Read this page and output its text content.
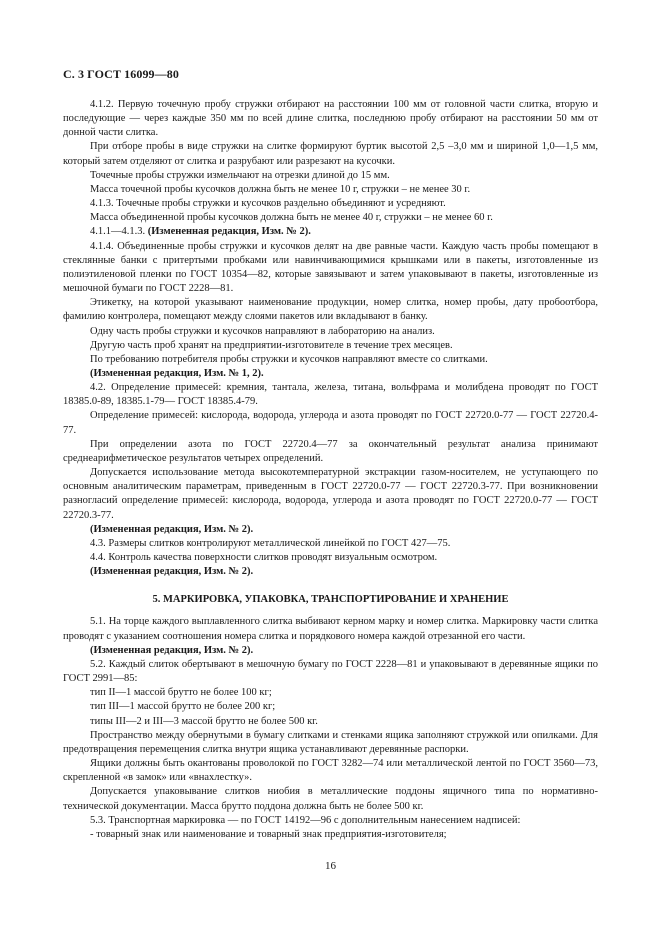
С. 3 ГОСТ 16099—80

4.1.2. Первую точечную пробу стружки отбирают на расстоянии 100 мм от головной части слитка, вторую и последующие — через каждые 350 мм по всей длине слитка, последнюю пробу отбирают на расстоянии 50 мм от донной части слитка.

При отборе пробы в виде стружки на слитке формируют буртик высотой 2,5 –3,0 мм и шириной 1,0—1,5 мм, который затем отделяют от слитка и разрубают или разрезают на кусочки.

Точечные пробы стружки измельчают на отрезки длиной до 15 мм.

Масса точечной пробы кусочков должна быть не менее 10 г, стружки – не менее 30 г.

4.1.3. Точечные пробы стружки и кусочков раздельно объединяют и усредняют.

Масса объединенной пробы кусочков должна быть не менее 40 г, стружки – не менее 60 г.

4.1.1—4.1.3. (Измененная редакция, Изм. № 2).

4.1.4. Объединенные пробы стружки и кусочков делят на две равные части. Каждую часть пробы помещают в стеклянные банки с притертыми пробками или навинчивающимися крышками или в пакеты, изготовленные из полиэтиленовой пленки по ГОСТ 10354—82, которые завязывают и затем упаковывают в пакеты, изготовленные из мешочной бумаги по ГОСТ 2228—81.

Этикетку, на которой указывают наименование продукции, номер слитка, номер пробы, дату пробоотбора, фамилию контролера, помещают между слоями пакетов или вкладывают в банку.

Одну часть пробы стружки и кусочков направляют в лабораторию на анализ.

Другую часть проб хранят на предприятии-изготовителе в течение трех месяцев.

По требованию потребителя пробы стружки и кусочков направляют вместе со слитками.

(Измененная редакция, Изм. № 1, 2).

4.2. Определение примесей: кремния, тантала, железа, титана, вольфрама и молибдена проводят по ГОСТ 18385.0-89, 18385.1-79— ГОСТ 18385.4-79.

Определение примесей: кислорода, водорода, углерода и азота проводят по ГОСТ 22720.0-77 — ГОСТ 22720.4-77.

При определении азота по ГОСТ 22720.4—77 за окончательный результат анализа принимают среднеарифметическое результатов четырех определений.

Допускается использование метода высокотемпературной экстракции газом-носителем, не уступающего по основным аналитическим параметрам, приведенным в ГОСТ 22720.0-77 — ГОСТ 22720.3-77. При возникновении разногласий определение примесей: кислорода, водорода, углерода и азота проводят по ГОСТ 22720.0-77 — ГОСТ 22720.3-77.

(Измененная редакция, Изм. № 2).

4.3. Размеры слитков контролируют металлической линейкой по ГОСТ 427—75.

4.4. Контроль качества поверхности слитков проводят визуальным осмотром.

(Измененная редакция, Изм. № 2).

5. МАРКИРОВКА, УПАКОВКА, ТРАНСПОРТИРОВАНИЕ И ХРАНЕНИЕ

5.1. На торце каждого выплавленного слитка выбивают керном марку и номер слитка. Маркировку части слитка проводят с указанием соотношения номера слитка и порядкового номера каждой отрезанной его части.

(Измененная редакция, Изм. № 2).

5.2. Каждый слиток обертывают в мешочную бумагу по ГОСТ 2228—81 и упаковывают в деревянные ящики по ГОСТ 2991—85:

тип II—1 массой брутто не более 100 кг;

тип III—1 массой брутто не более 200 кг;

типы III—2 и III—3 массой брутто не более 500 кг.

Пространство между обернутыми в бумагу слитками и стенками ящика заполняют стружкой или опилками. Для предотвращения перемещения слитка внутри ящика устанавливают деревянные распорки.

Ящики должны быть окантованы проволокой по ГОСТ 3282—74 или металлической лентой по ГОСТ 3560—73, скрепленной «в замок» или «внахлестку».

Допускается упаковывание слитков ниобия в металлические поддоны ящичного типа по нормативно-технической документации. Масса брутто поддона должна быть не более 500 кг.

5.3. Транспортная маркировка — по ГОСТ 14192—96 с дополнительным нанесением надписей:

- товарный знак или наименование и товарный знак предприятия-изготовителя;

16
